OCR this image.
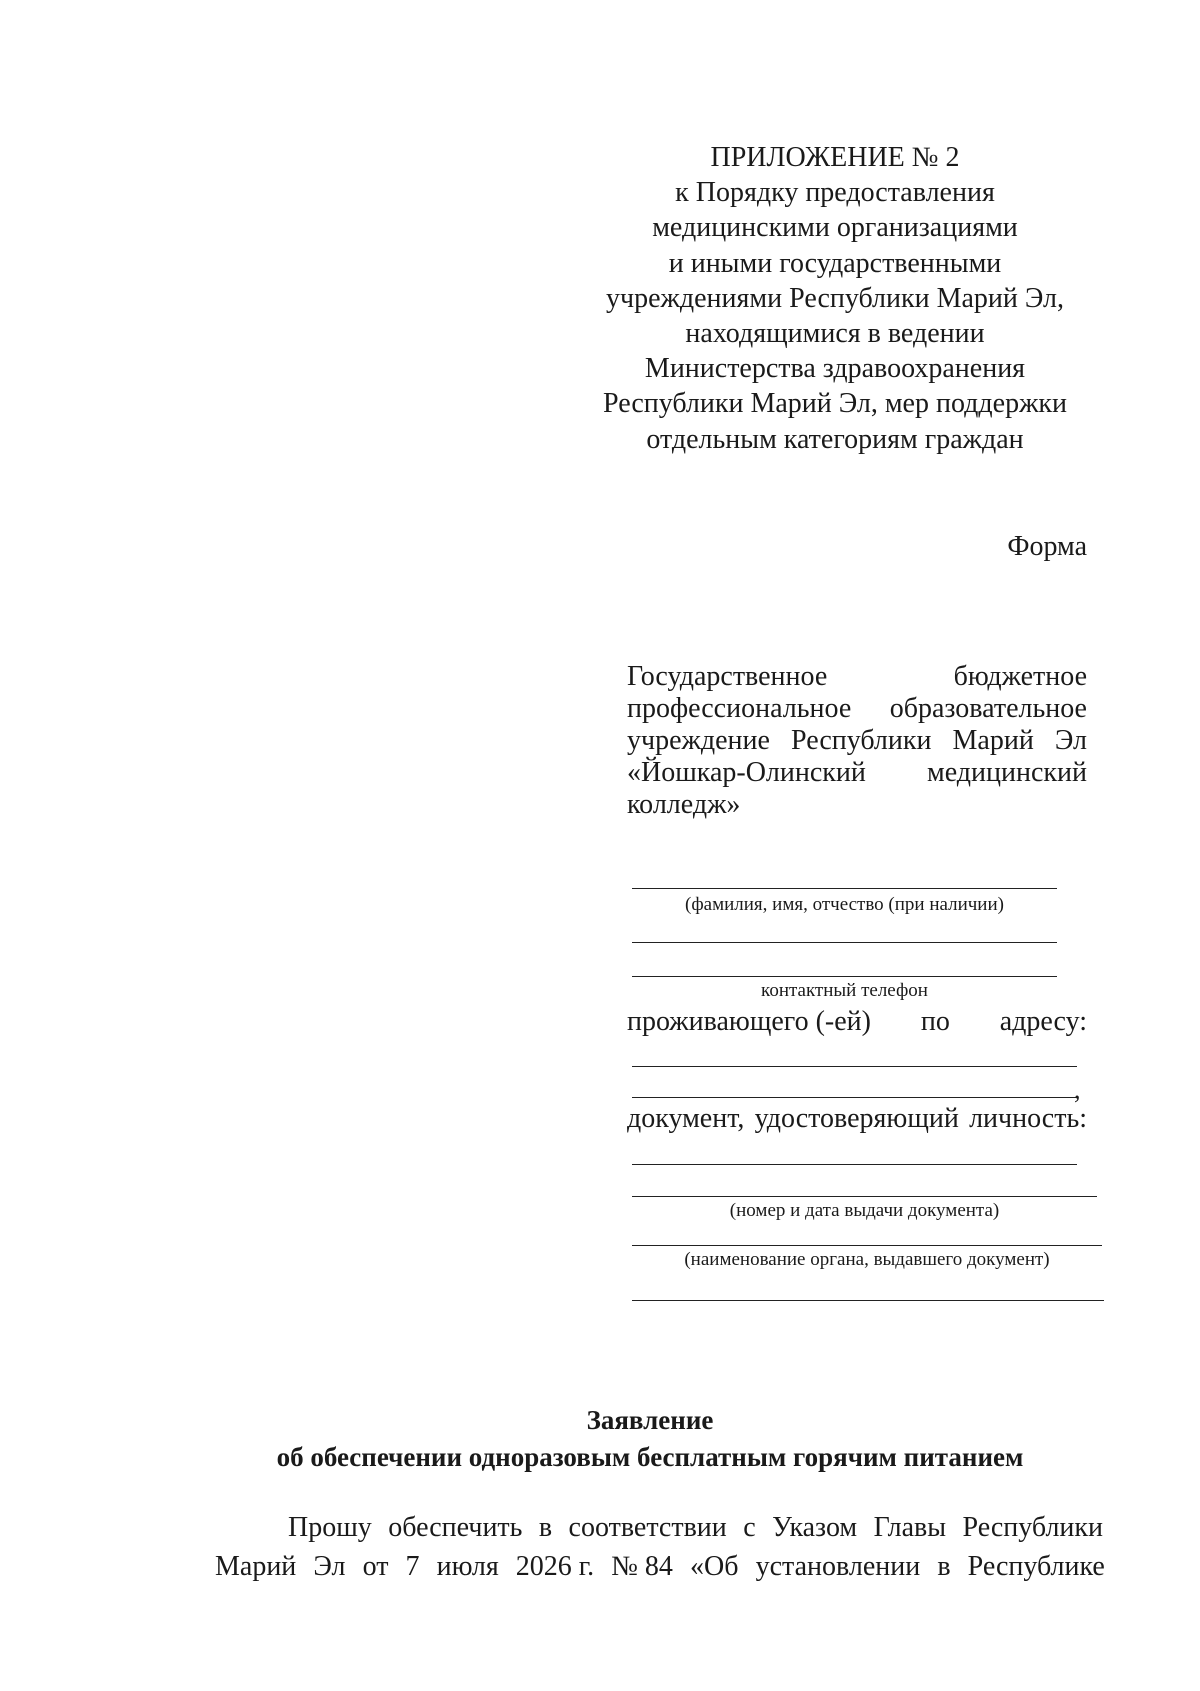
ПРИЛОЖЕНИЕ № 2
к Порядку предоставления
медицинскими организациями
и иными государственными
учреждениями Республики Марий Эл,
находящимися в ведении
Министерства здравоохранения
Республики Марий Эл, мер поддержки
отдельным категориям граждан
Форма
Государственное	бюджетное
профессиональное образовательное
учреждение Республики Марий Эл
«Йошкар-Олинский медицинский
колледж»
(фамилия, имя, отчество (при наличии)
контактный телефон
проживающего (-ей) по адресу:
,
документ, удостоверяющий личность:
(номер и дата выдачи документа)
(наименование органа, выдавшего документ)
Заявление
об обеспечении одноразовым бесплатным горячим питанием
Прошу обеспечить в соответствии с Указом Главы Республики
Марий Эл от 7 июля 2026 г. № 84 «Об установлении в Республике
